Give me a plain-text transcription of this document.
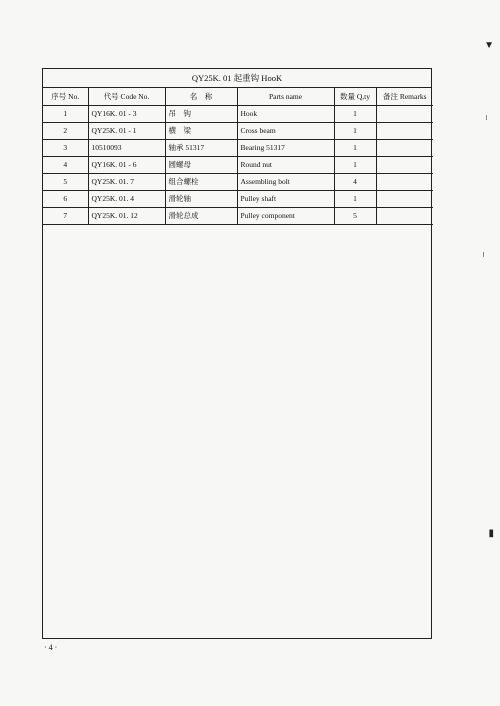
QY25K. 01 起重钩 HooK
序号 No.	代号 Code No.	名　称	Parts name	数量 Q,ty	备注 Remarks
1	QY16K. 01 - 3	吊　钩	Hook	1	
2	QY25K. 01 - 1	横　梁	Cross beam	1	
3	10510093	轴承 51317	Bearing 51317	1	
4	QY16K. 01 - 6	圆螺母	Round nut	1	
5	QY25K. 01. 7	组合螺栓	Assembling bolt	4	
6	QY25K. 01. 4	滑轮轴	Pulley shaft	1	
7	QY25K. 01. 12	滑轮总成	Pulley component	5	
· 4 ·
▼
▮
